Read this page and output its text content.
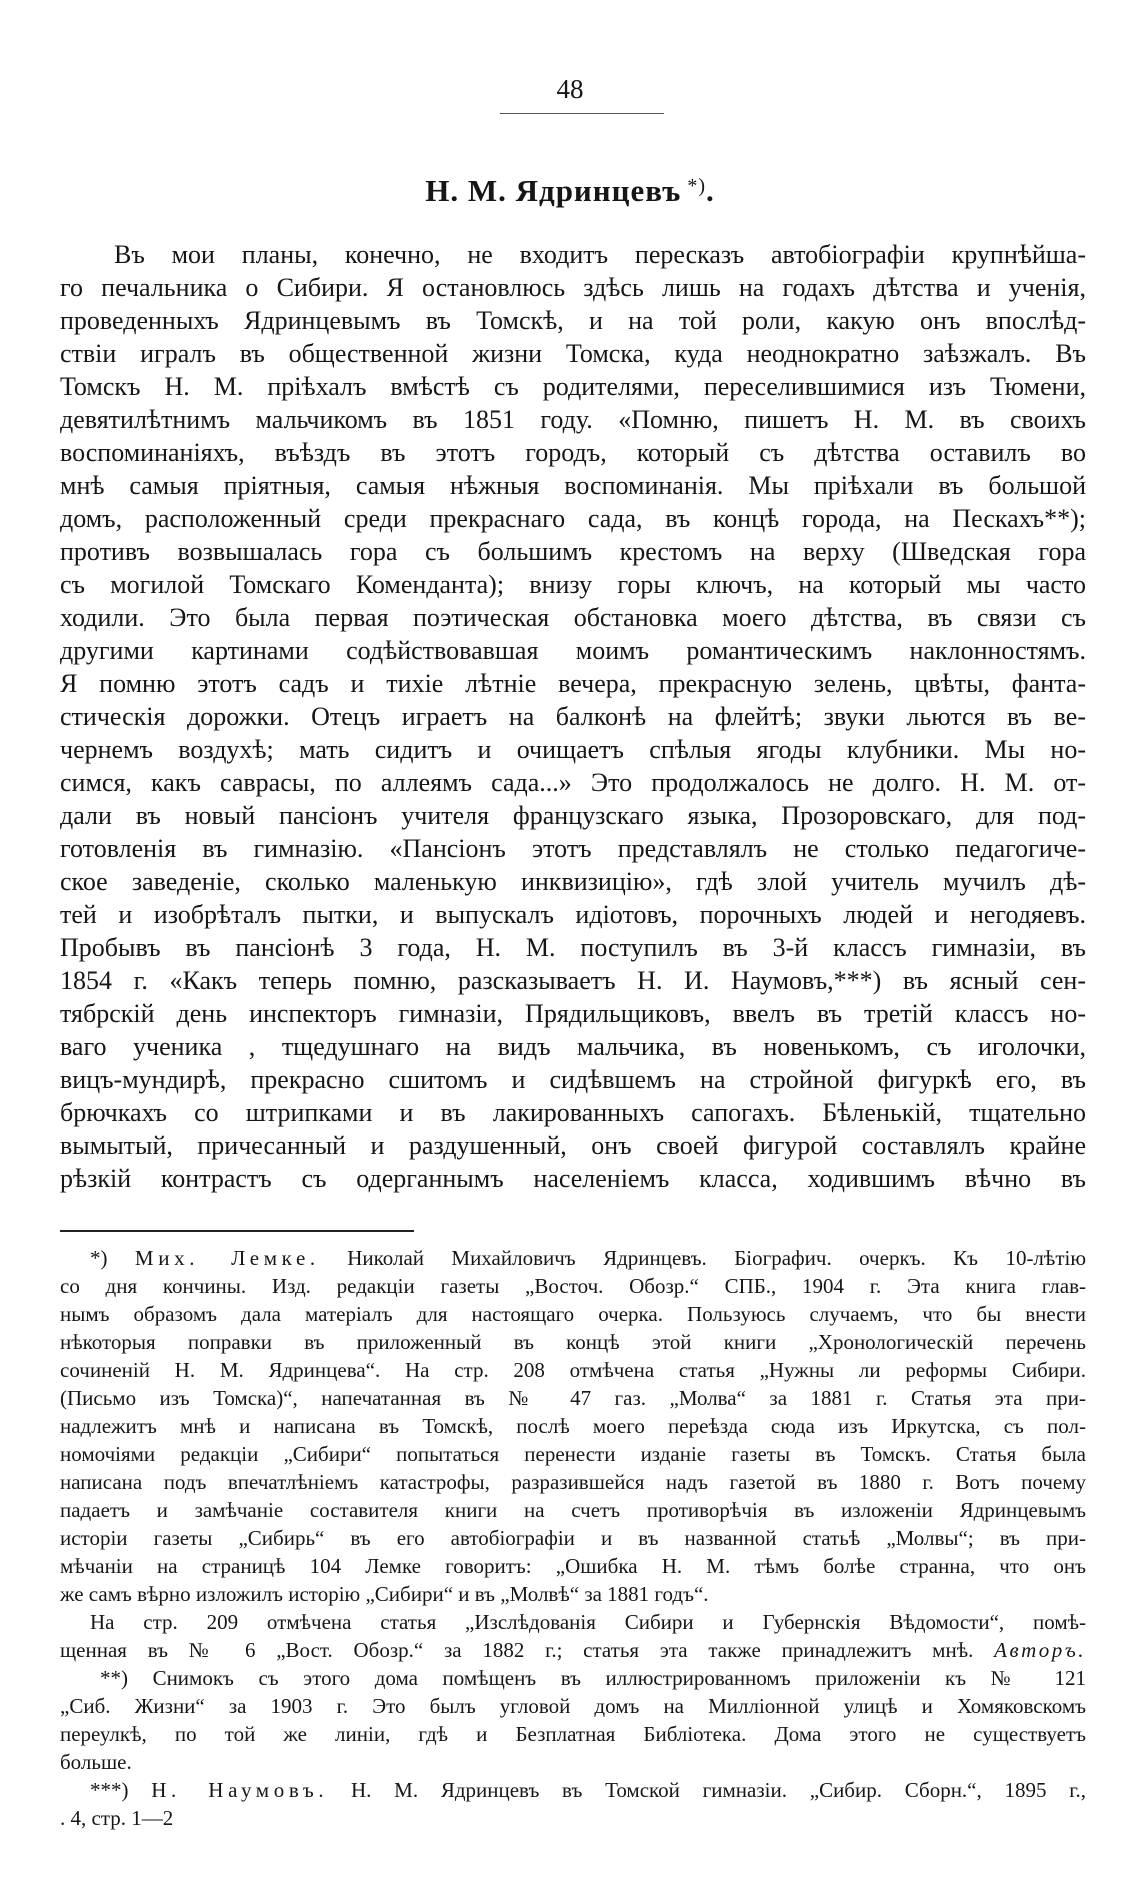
48
Н. М. Ядринцевъ *).
Въ мои планы, конечно, не входитъ пересказъ автобіографіи крупнѣйша-
го печальника о Сибири. Я остановлюсь здѣсь лишь на годахъ дѣтства и ученія,
проведенныхъ Ядринцевымъ въ Томскѣ, и на той роли, какую онъ впослѣд-
ствіи игралъ въ общественной жизни Томска, куда неоднократно заѣзжалъ. Въ
Томскъ Н. М. пріѣхалъ вмѣстѣ съ родителями, переселившимися изъ Тюмени,
девятилѣтнимъ мальчикомъ въ 1851 году. «Помню, пишетъ Н. М. въ своихъ
воспоминаніяхъ, въѣздъ въ этотъ городъ, который съ дѣтства оставилъ во
мнѣ самыя пріятныя, самыя нѣжныя воспоминанія. Мы пріѣхали въ большой
домъ, расположенный среди прекраснаго сада, въ концѣ города, на Пескахъ**);
противъ возвышалась гора съ большимъ крестомъ на верху (Шведская гора
съ могилой Томскаго Коменданта); внизу горы ключъ, на который мы часто
ходили. Это была первая поэтическая обстановка моего дѣтства, въ связи съ
другими картинами содѣйствовавшая моимъ романтическимъ наклонностямъ.
Я помню этотъ садъ и тихіе лѣтніе вечера, прекрасную зелень, цвѣты, фанта-
стическія дорожки. Отецъ играетъ на балконѣ на флейтѣ; звуки льются въ ве-
чернемъ воздухѣ; мать сидитъ и очищаетъ спѣлыя ягоды клубники. Мы но-
симся, какъ саврасы, по аллеямъ сада...» Это продолжалось не долго. Н. М. от-
дали въ новый пансіонъ учителя французскаго языка, Прозоровскаго, для под-
готовленія въ гимназію. «Пансіонъ этотъ представлялъ не столько педагогиче-
ское заведеніе, сколько маленькую инквизицію», гдѣ злой учитель мучилъ дѣ-
тей и изобрѣталъ пытки, и выпускалъ идіотовъ, порочныхъ людей и негодяевъ.
Пробывъ въ пансіонѣ 3 года, Н. М. поступилъ въ 3-й классъ гимназіи, въ
1854 г. «Какъ теперь помню, разсказываетъ Н. И. Наумовъ,***) въ ясный сен-
тябрскій день инспекторъ гимназіи, Прядильщиковъ, ввелъ въ третій классъ но-
ваго ученика , тщедушнаго на видъ мальчика, въ новенькомъ, съ иголочки,
вицъ-мундирѣ, прекрасно сшитомъ и сидѣвшемъ на стройной фигуркѣ его, въ
брючкахъ со штрипками и въ лакированныхъ сапогахъ. Бѣленькій, тщательно
вымытый, причесанный и раздушенный, онъ своей фигурой составлялъ крайне
рѣзкій контрастъ съ одерганнымъ населеніемъ класса, ходившимъ вѣчно въ
*) Мих. Лемке. Николай Михайловичъ Ядринцевъ. Біографич. очеркъ. Къ 10-лѣтію
со дня кончины. Изд. редакціи газеты „Восточ. Обозр.“ СПБ., 1904 г. Эта книга глав-
нымъ образомъ дала матеріалъ для настоящаго очерка. Пользуюсь случаемъ, что бы внести
нѣкоторыя поправки въ приложенный въ концѣ этой книги „Хронологическій перечень
сочиненій Н. М. Ядринцева“. На стр. 208 отмѣчена статья „Нужны ли реформы Сибири.
(Письмо изъ Томска)“, напечатанная въ № 47 газ. „Молва“ за 1881 г. Статья эта при-
надлежитъ мнѣ и написана въ Томскѣ, послѣ моего переѣзда сюда изъ Иркутска, съ пол-
номочіями редакціи „Сибири“ попытаться перенести изданіе газеты въ Томскъ. Статья была
написана подъ впечатлѣніемъ катастрофы, разразившейся надъ газетой въ 1880 г. Вотъ почему
падаетъ и замѣчаніе составителя книги на счетъ противорѣчія въ изложеніи Ядринцевымъ
исторіи газеты „Сибирь“ въ его автобіографіи и въ названной статьѣ „Молвы“; въ при-
мѣчаніи на страницѣ 104 Лемке говоритъ: „Ошибка Н. М. тѣмъ болѣе странна, что онъ
же самъ вѣрно изложилъ исторію „Сибири“ и въ „Молвѣ“ за 1881 годъ“.
На стр. 209 отмѣчена статья „Изслѣдованія Сибири и Губернскія Вѣдомости“, помѣ-
щенная въ № 6 „Вост. Обозр.“ за 1882 г.; статья эта также принадлежитъ мнѣ. Авторъ.
**) Снимокъ съ этого дома помѣщенъ въ иллюстрированномъ приложеніи къ № 121
„Сиб. Жизни“ за 1903 г. Это былъ угловой домъ на Милліонной улицѣ и Хомяковскомъ
переулкѣ, по той же линіи, гдѣ и Безплатная Библіотека. Дома этого не существуетъ
больше.
***) Н. Наумовъ. Н. М. Ядринцевъ въ Томской гимназіи. „Сибир. Сборн.“, 1895 г.,
. 4, стр. 1—2
